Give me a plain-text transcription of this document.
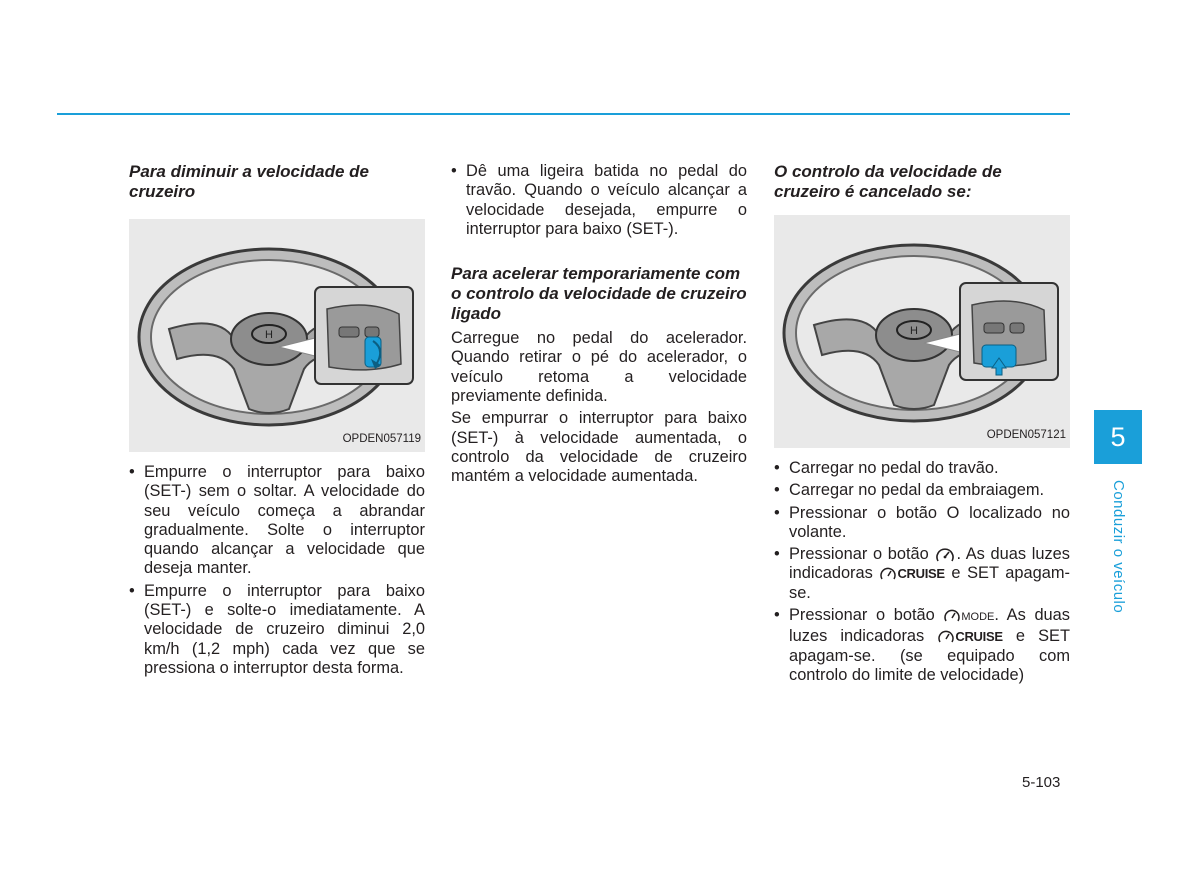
Para diminuir a velocidade de cruzeiro

H
OPDEN057119
• Empurre o interruptor para baixo (SET-) sem o soltar. A velocidade do seu veículo começa a abrandar gradualmente. Solte o interruptor quando alcançar a velocidade que deseja manter.
• Empurre o interruptor para baixo (SET-) e solte-o imediatamente. A velocidade de cruzeiro diminui 2,0 km/h (1,2 mph) cada vez que se pressiona o interruptor desta forma.
• Dê uma ligeira batida no pedal do travão. Quando o veículo alcançar a velocidade desejada, empurre o interruptor para baixo (SET-).

Para acelerar temporariamente com o controlo da velocidade de cruzeiro ligado

Carregue no pedal do acelerador. Quando retirar o pé do acelerador, o veículo retoma a velocidade previamente definida.

Se empurrar o interruptor para baixo (SET-) à velocidade aumentada, o controlo da velocidade de cruzeiro mantém a velocidade aumentada.

O controlo da velocidade de cruzeiro é cancelado se:

H
OPDEN057121
• Carregar no pedal do travão.
• Carregar no pedal da embraiagem.
• Pressionar o botão O localizado no volante.
• Pressionar o botão . As duas luzes indicadoras CRUISE e SET apagam-se.
• Pressionar o botão MODE. As duas luzes indicadoras CRUISE e SET apagam-se. (se equipado com controlo do limite de velocidade)
5
Conduzir o veículo
5-103
